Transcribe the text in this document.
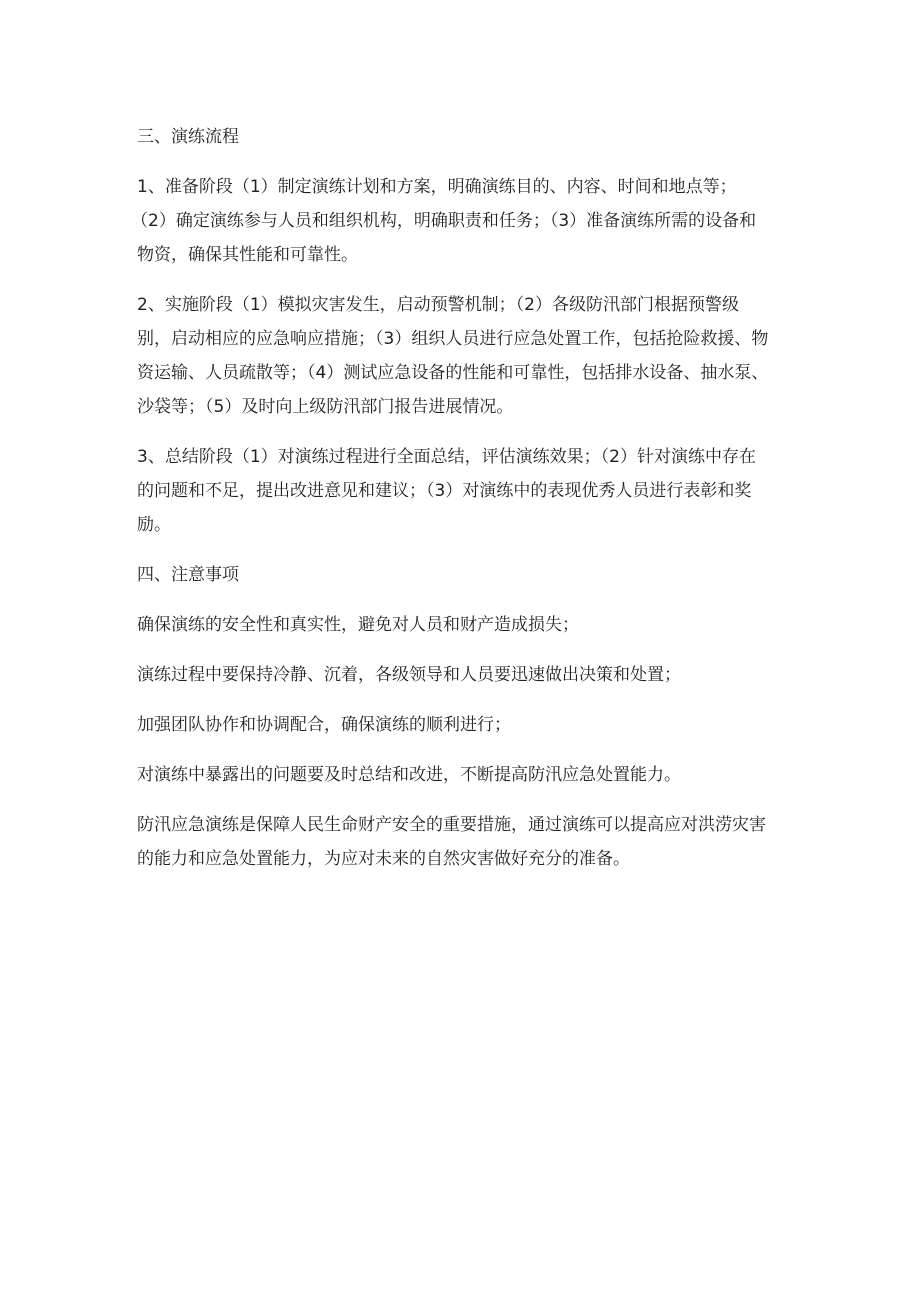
三、演练流程
1、准备阶段（1）制定演练计划和方案，明确演练目的、内容、时间和地点等；
（2）确定演练参与人员和组织机构，明确职责和任务；（3）准备演练所需的设备和
物资，确保其性能和可靠性。
2、实施阶段（1）模拟灾害发生，启动预警机制；（2）各级防汛部门根据预警级
别，启动相应的应急响应措施；（3）组织人员进行应急处置工作，包括抢险救援、物
资运输、人员疏散等；（4）测试应急设备的性能和可靠性，包括排水设备、抽水泵、
沙袋等；（5）及时向上级防汛部门报告进展情况。
3、总结阶段（1）对演练过程进行全面总结，评估演练效果；（2）针对演练中存在
的问题和不足，提出改进意见和建议；（3）对演练中的表现优秀人员进行表彰和奖
励。
四、注意事项
确保演练的安全性和真实性，避免对人员和财产造成损失；
演练过程中要保持冷静、沉着，各级领导和人员要迅速做出决策和处置；
加强团队协作和协调配合，确保演练的顺利进行；
对演练中暴露出的问题要及时总结和改进，不断提高防汛应急处置能力。
防汛应急演练是保障人民生命财产安全的重要措施，通过演练可以提高应对洪涝灾害
的能力和应急处置能力，为应对未来的自然灾害做好充分的准备。
